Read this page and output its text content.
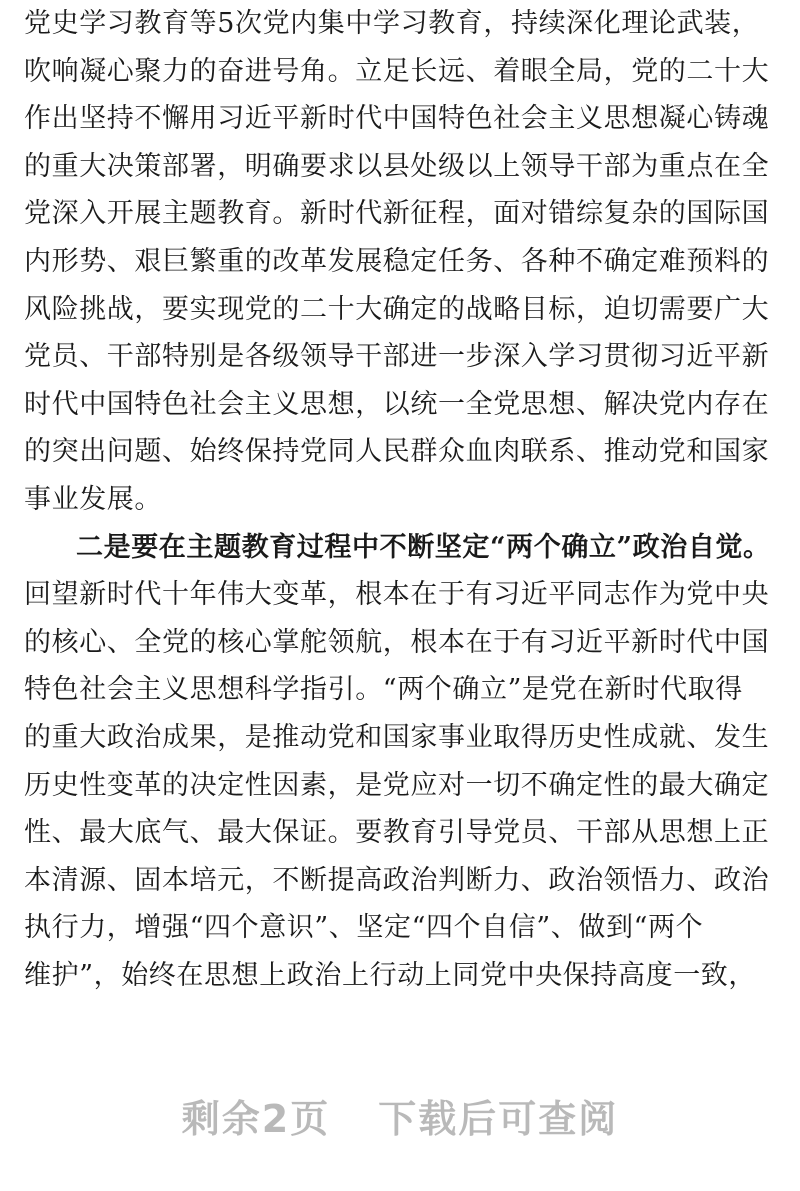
党史学习教育等5次党内集中学习教育，持续深化理论武装，
吹响凝心聚力的奋进号角。立足长远、着眼全局，党的二十大
作出坚持不懈用习近平新时代中国特色社会主义思想凝心铸魂
的重大决策部署，明确要求以县处级以上领导干部为重点在全
党深入开展主题教育。新时代新征程，面对错综复杂的国际国
内形势、艰巨繁重的改革发展稳定任务、各种不确定难预料的
风险挑战，要实现党的二十大确定的战略目标，迫切需要广大
党员、干部特别是各级领导干部进一步深入学习贯彻习近平新
时代中国特色社会主义思想，以统一全党思想、解决党内存在
的突出问题、始终保持党同人民群众血肉联系、推动党和国家
事业发展。
二是要在主题教育过程中不断坚定“两个确立”政治自觉。
回望新时代十年伟大变革，根本在于有习近平同志作为党中央
的核心、全党的核心掌舵领航，根本在于有习近平新时代中国
特色社会主义思想科学指引。“两个确立”是党在新时代取得
的重大政治成果，是推动党和国家事业取得历史性成就、发生
历史性变革的决定性因素，是党应对一切不确定性的最大确定
性、最大底气、最大保证。要教育引导党员、干部从思想上正
本清源、固本培元，不断提高政治判断力、政治领悟力、政治
执行力，增强“四个意识”、坚定“四个自信”、做到“两个
维护”，始终在思想上政治上行动上同党中央保持高度一致，
剩余2页 下载后可查阅
